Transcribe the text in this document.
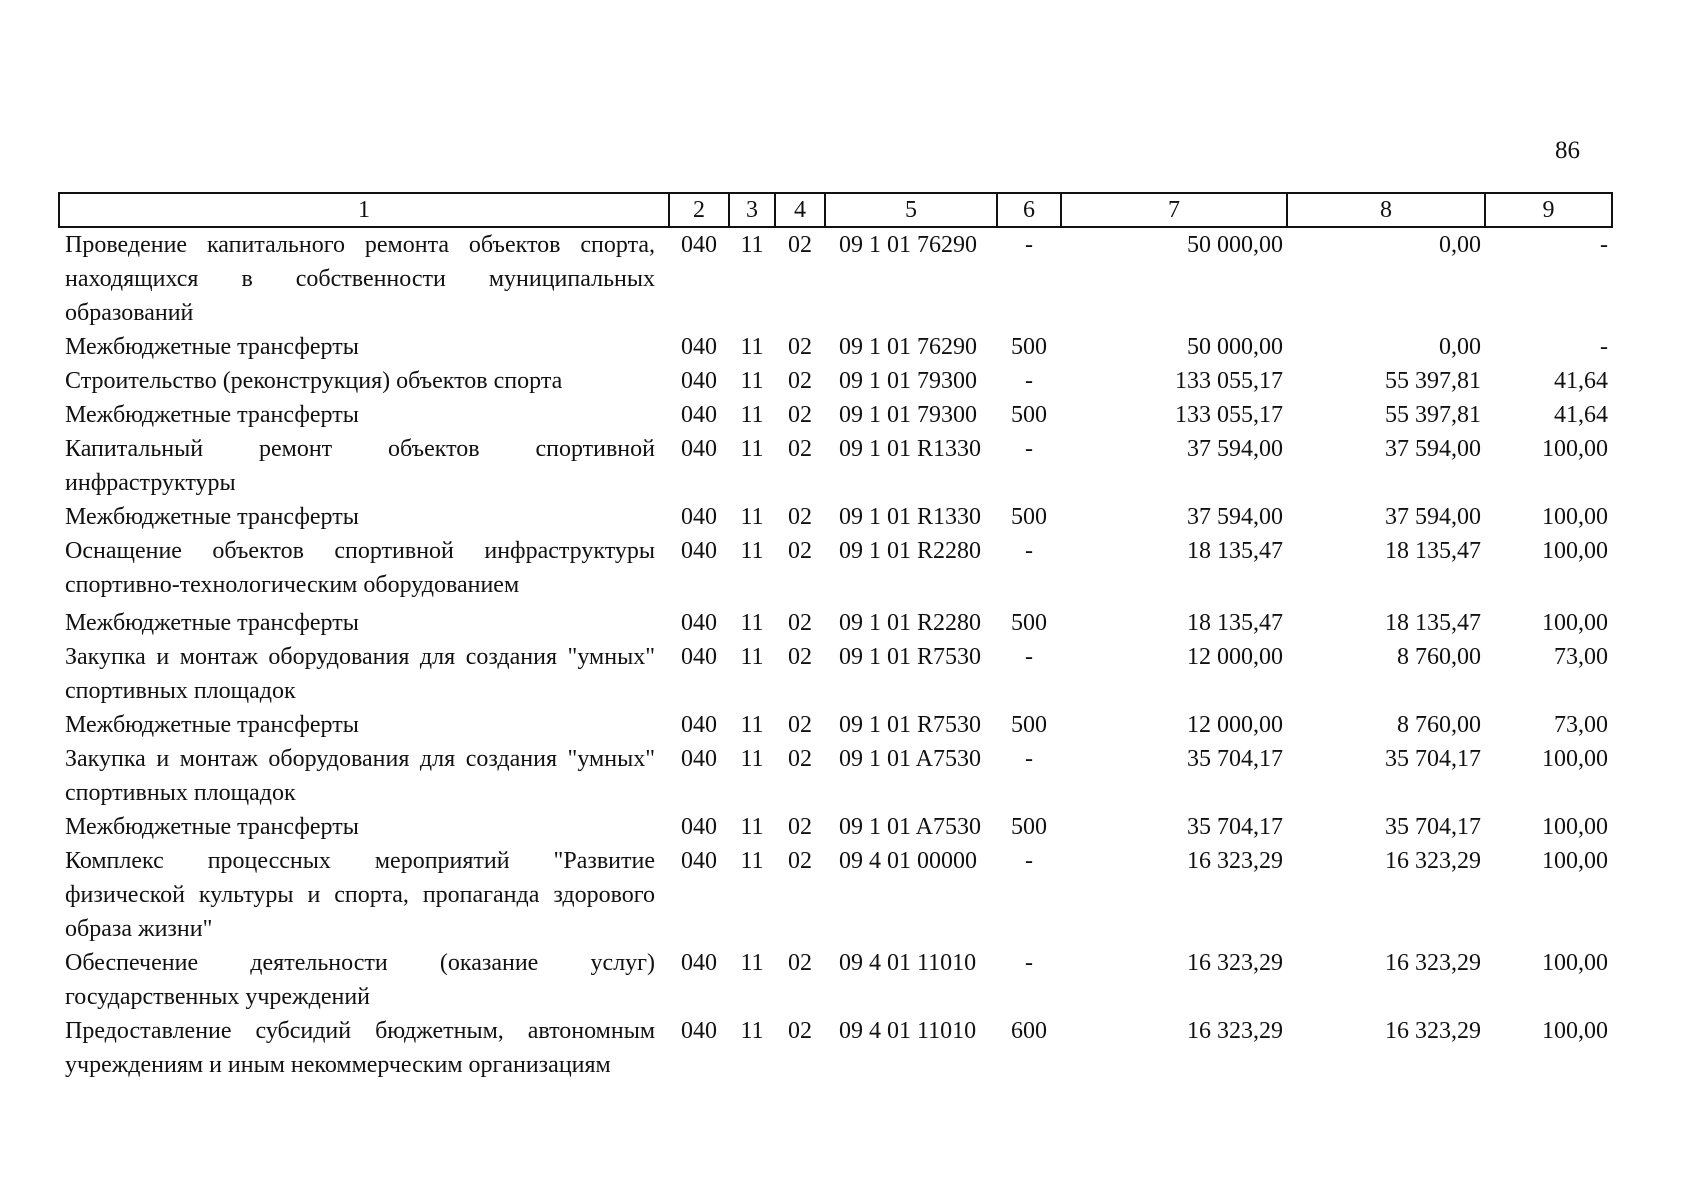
86
1	2	3	4	5	6	7	8	9
Проведение капитального ремонта объектов спорта, находящихся в собственности муниципальных образований	040	11	02	09 1 01 76290	-	50 000,00	0,00	-
Межбюджетные трансферты	040	11	02	09 1 01 76290	500	50 000,00	0,00	-
Строительство (реконструкция) объектов спорта	040	11	02	09 1 01 79300	-	133 055,17	55 397,81	41,64
Межбюджетные трансферты	040	11	02	09 1 01 79300	500	133 055,17	55 397,81	41,64
Капитальный ремонт объектов спортивной инфраструктуры	040	11	02	09 1 01 R1330	-	37 594,00	37 594,00	100,00
Межбюджетные трансферты	040	11	02	09 1 01 R1330	500	37 594,00	37 594,00	100,00
Оснащение объектов спортивной инфраструктуры спортивно-технологическим оборудованием	040	11	02	09 1 01 R2280	-	18 135,47	18 135,47	100,00
Межбюджетные трансферты	040	11	02	09 1 01 R2280	500	18 135,47	18 135,47	100,00
Закупка и монтаж оборудования для создания "умных" спортивных площадок	040	11	02	09 1 01 R7530	-	12 000,00	8 760,00	73,00
Межбюджетные трансферты	040	11	02	09 1 01 R7530	500	12 000,00	8 760,00	73,00
Закупка и монтаж оборудования для создания "умных" спортивных площадок	040	11	02	09 1 01 A7530	-	35 704,17	35 704,17	100,00
Межбюджетные трансферты	040	11	02	09 1 01 A7530	500	35 704,17	35 704,17	100,00
Комплекс процессных мероприятий "Развитие физической культуры и спорта, пропаганда здорового образа жизни"	040	11	02	09 4 01 00000	-	16 323,29	16 323,29	100,00
Обеспечение деятельности (оказание услуг) государственных учреждений	040	11	02	09 4 01 11010	-	16 323,29	16 323,29	100,00
Предоставление субсидий бюджетным, автономным учреждениям и иным некоммерческим организациям	040	11	02	09 4 01 11010	600	16 323,29	16 323,29	100,00
